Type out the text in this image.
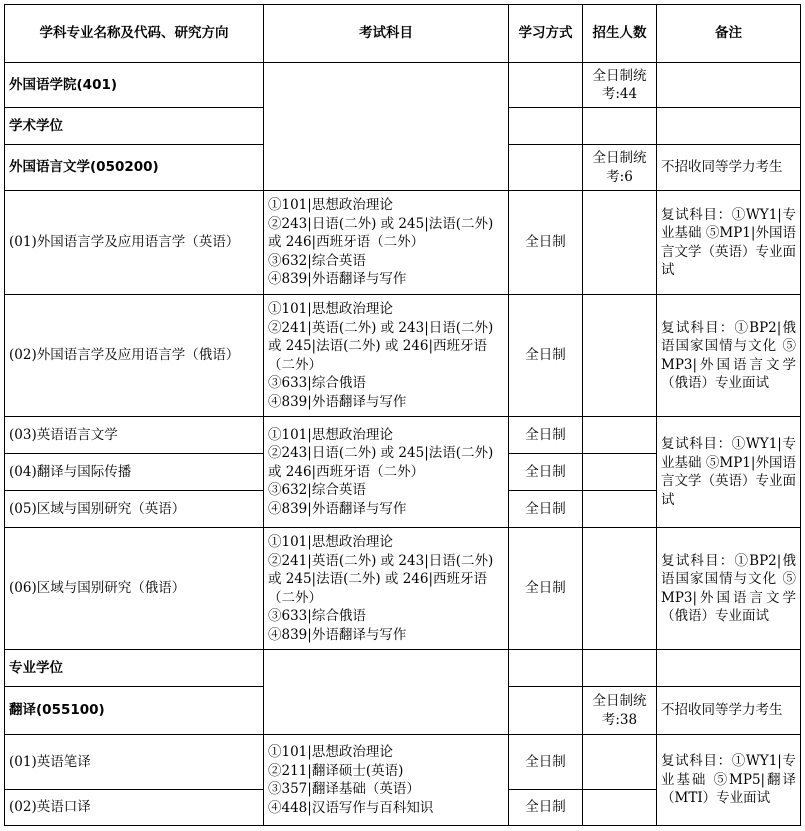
学科专业名称及代码、研究方向	考试科目	学习方式	招生人数	备注
外国语学院(401)			全日制统考:44	
学术学位				
外国语言文学(050200)			全日制统考:6	不招收同等学力考生
(01)外国语言学及应用语言学（英语）	①101|思想政治理论
②243|日语(二外) 或 245|法语(二外) 或 246|西班牙语（二外）
③632|综合英语
④839|外语翻译与写作	全日制		复试科目：①WY1|专业基础 ⑤MP1|外国语言文学（英语）专业面试
(02)外国语言学及应用语言学（俄语）	①101|思想政治理论
②241|英语(二外) 或 243|日语(二外) 或 245|法语(二外) 或 246|西班牙语（二外）
③633|综合俄语
④839|外语翻译与写作	全日制		复试科目：①BP2|俄语国家国情与文化 ⑤ MP3|外国语言文学（俄语）专业面试
(03)英语语言文学	①101|思想政治理论
②243|日语(二外) 或 245|法语(二外) 或 246|西班牙语（二外）
③632|综合英语
④839|外语翻译与写作	全日制		复试科目：①WY1|专业基础 ⑤MP1|外国语言文学（英语）专业面试
(04)翻译与国际传播		全日制		
(05)区域与国别研究（英语）		全日制		
(06)区域与国别研究（俄语）	①101|思想政治理论
②241|英语(二外) 或 243|日语(二外) 或 245|法语(二外) 或 246|西班牙语（二外）
③633|综合俄语
④839|外语翻译与写作	全日制		复试科目：①BP2|俄语国家国情与文化 ⑤ MP3|外国语言文学（俄语）专业面试
专业学位				
翻译(055100)			全日制统考:38	不招收同等学力考生
(01)英语笔译	①101|思想政治理论
②211|翻译硕士(英语)
③357|翻译基础（英语）
④448|汉语写作与百科知识	全日制		复试科目：①WY1|专业基础 ⑤MP5|翻译（MTI）专业面试
(02)英语口译		全日制		
